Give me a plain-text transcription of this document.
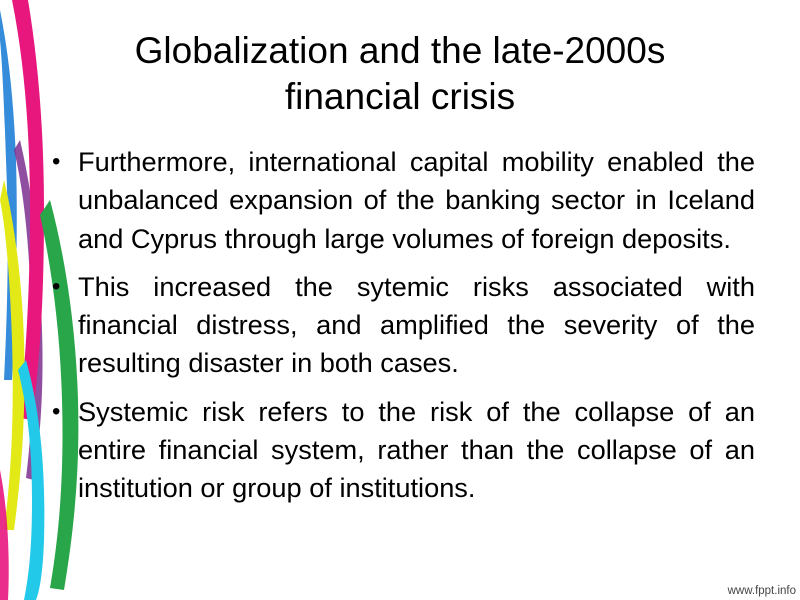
Globalization and the late-2000s
financial crisis
• Furthermore, international capital mobility enabled the unbalanced expansion of the banking sector in Iceland and Cyprus through large volumes of foreign deposits.
• This increased the sytemic risks associated with financial distress, and amplified the severity of the resulting disaster in both cases.
• Systemic risk refers to the risk of the collapse of an entire financial system, rather than the collapse of an institution or group of institutions.
www.fppt.info
